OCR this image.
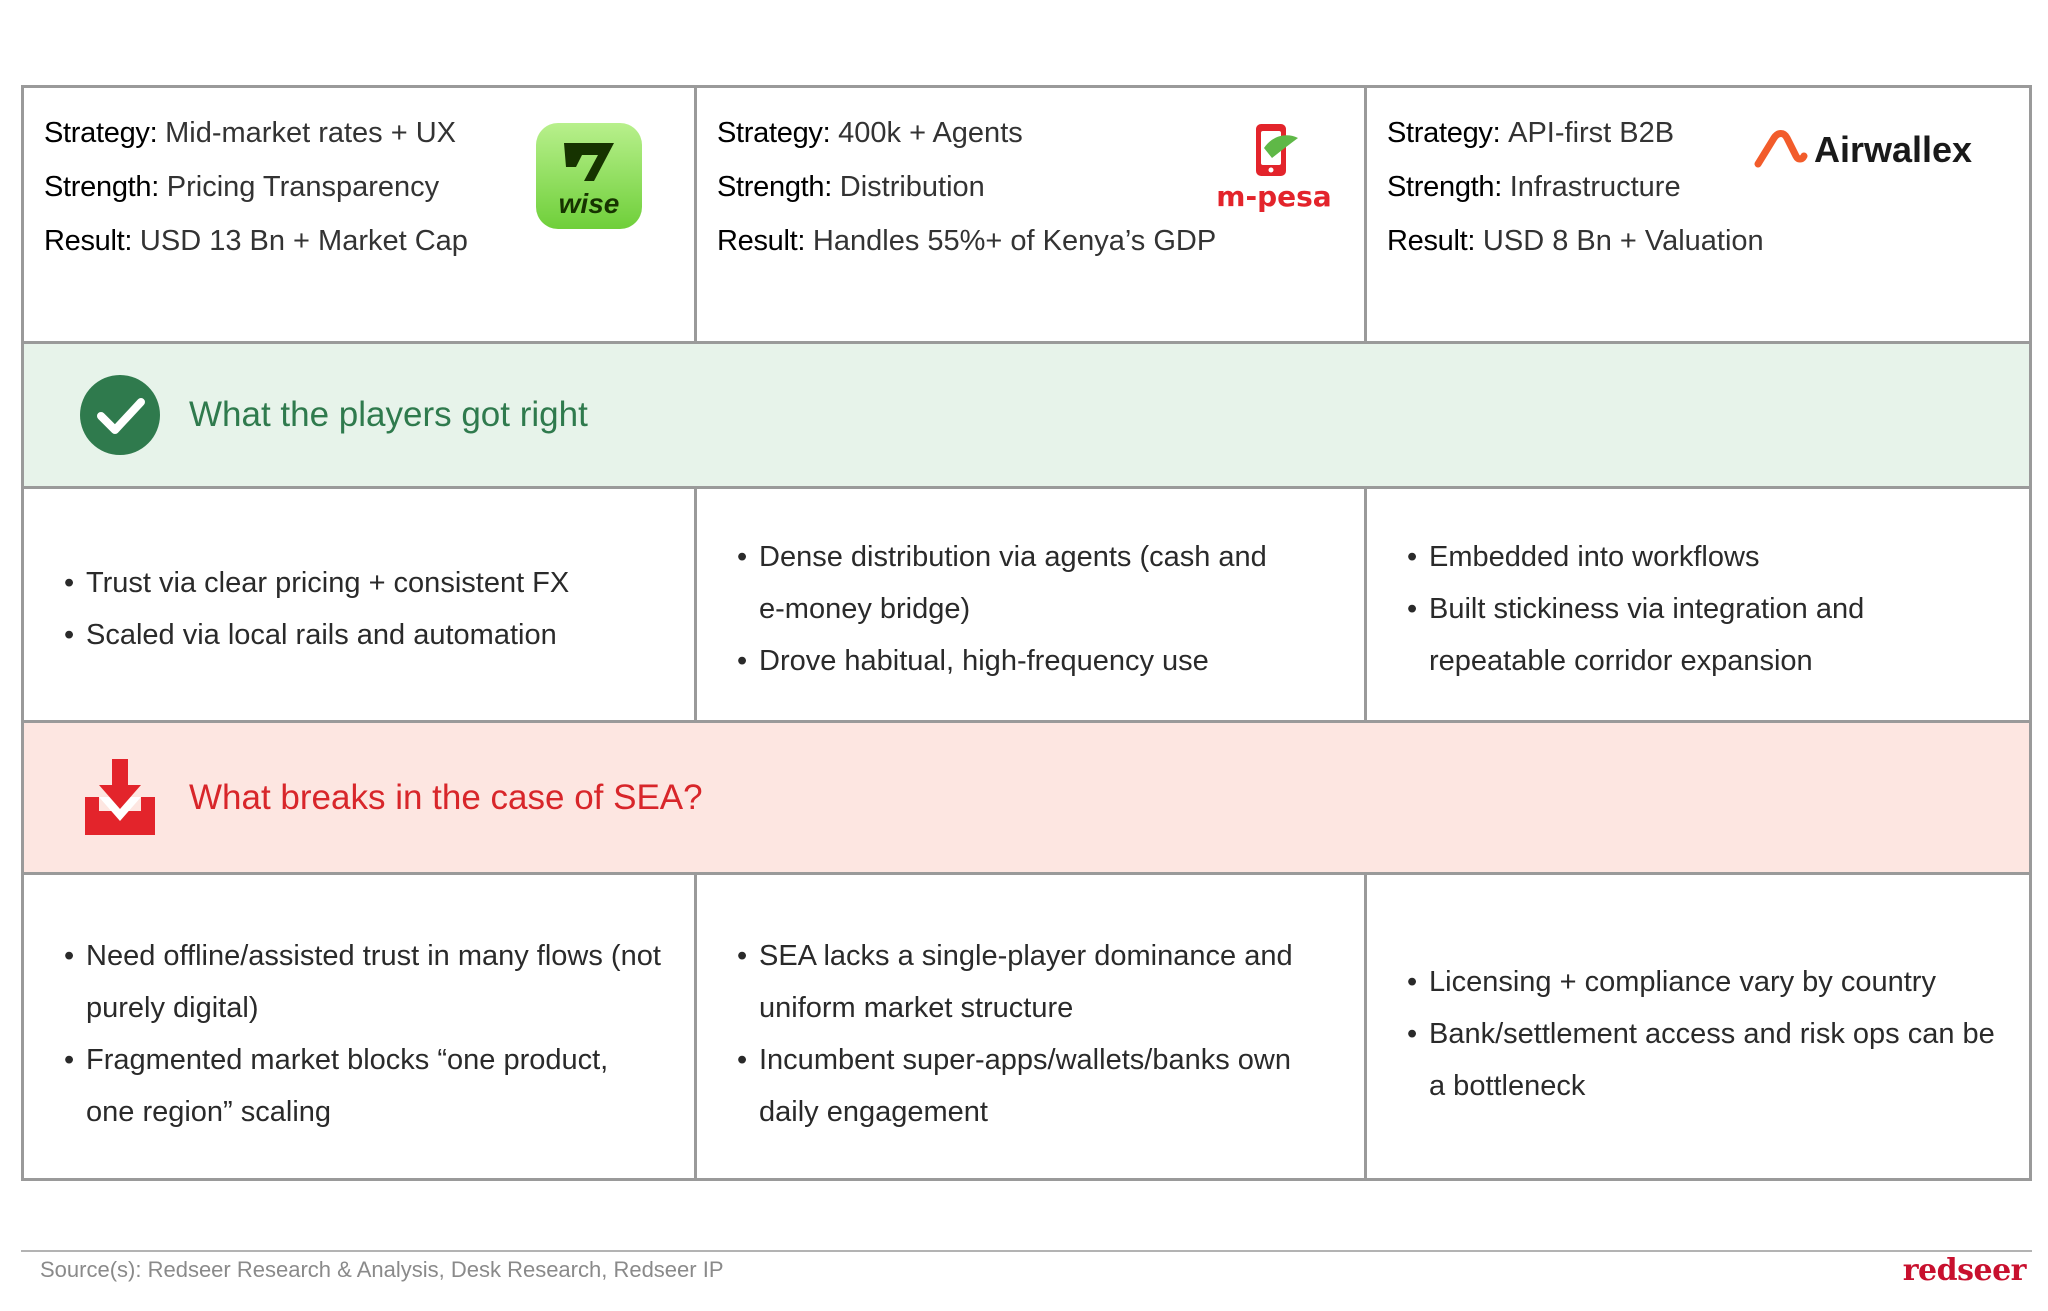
Strategy: Mid-market rates + UX
Strength: Pricing Transparency
Result: USD 13 Bn + Market Cap
wise
Strategy: 400k + Agents
Strength: Distribution
Result: Handles 55%+ of Kenya’s GDP
m-pesa
Strategy: API-first B2B
Strength: Infrastructure
Result: USD 8 Bn + Valuation
Airwallex
What the players got right
• Trust via clear pricing + consistent FX
• Scaled via local rails and automation
• Dense distribution via agents (cash and e-money bridge)
• Drove habitual, high-frequency use
• Embedded into workflows
• Built stickiness via integration and repeatable corridor expansion
What breaks in the case of SEA?
• Need offline/assisted trust in many flows (not purely digital)
• Fragmented market blocks “one product, one region” scaling
• SEA lacks a single-player dominance and uniform market structure
• Incumbent super-apps/wallets/banks own daily engagement
• Licensing + compliance vary by country
• Bank/settlement access and risk ops can be a bottleneck
Source(s): Redseer Research & Analysis, Desk Research, Redseer IP	redseer
